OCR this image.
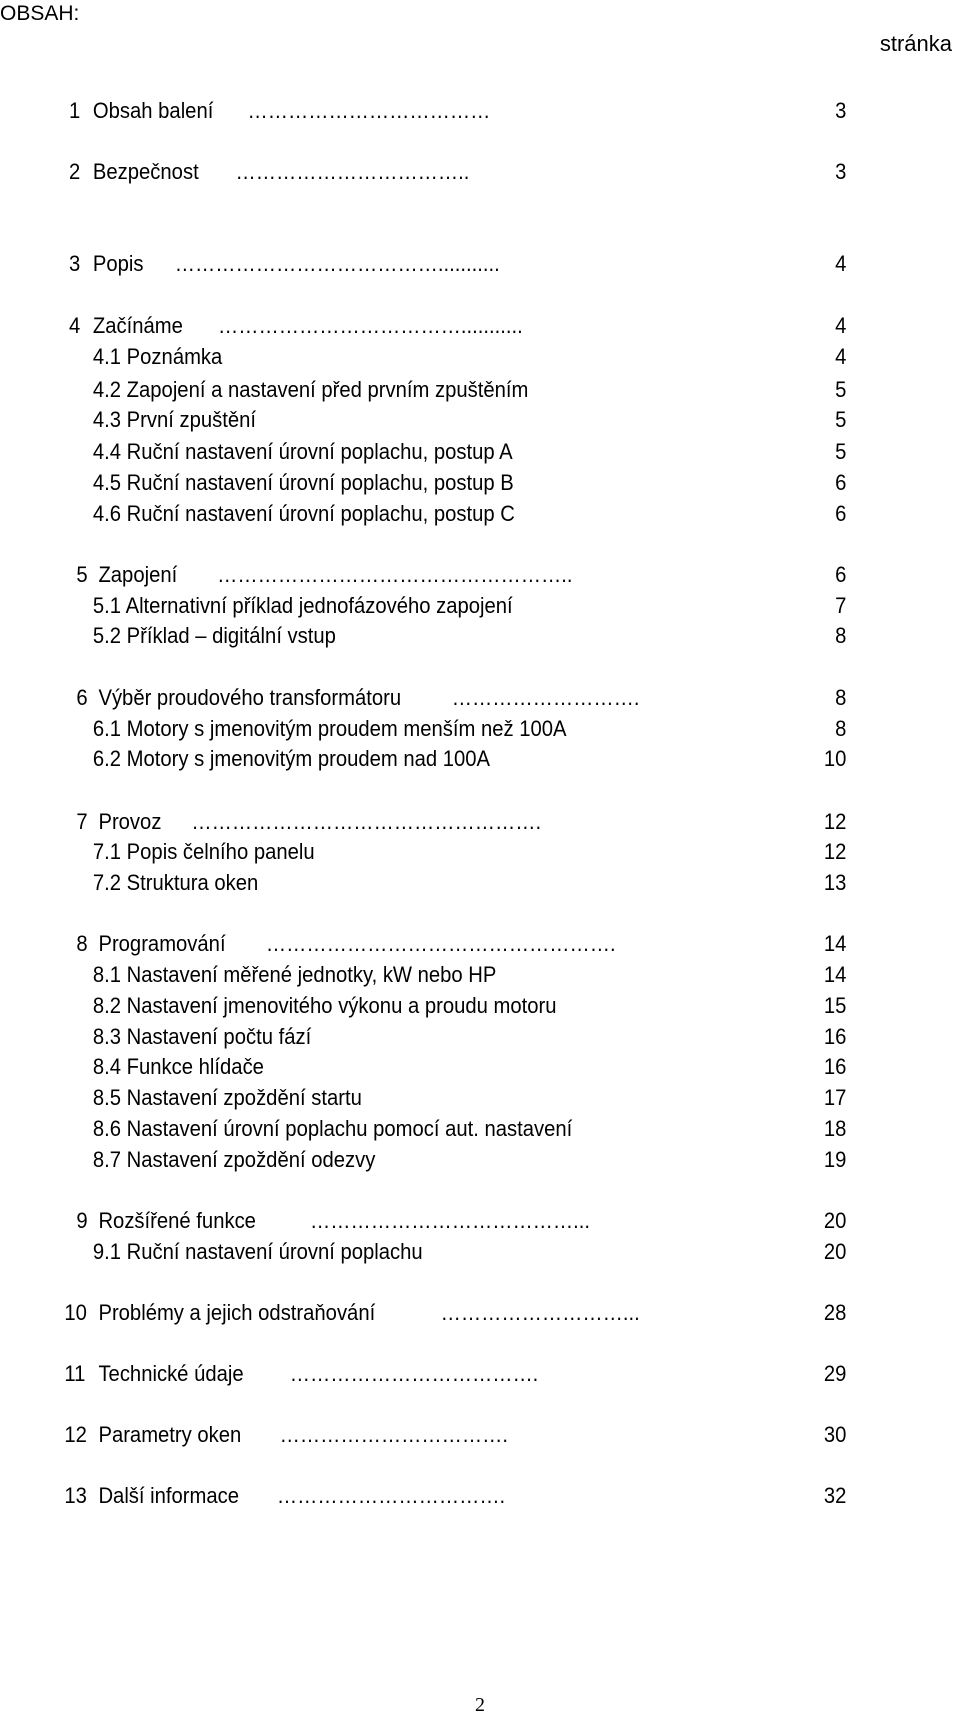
OBSAH:
stránka
1 Obsah balení ………………………………	3
2 Bezpečnost ……………………………..	3
3 Popis …………………………………...........	4
4 Začínáme ………………………………...........	4
4.1 Poznámka	4
4.2 Zapojení a nastavení před prvním zpuštěním	5
4.3 První zpuštění	5
4.4 Ruční nastavení úrovní poplachu, postup A	5
4.5 Ruční nastavení úrovní poplachu, postup B	6
4.6 Ruční nastavení úrovní poplachu, postup C	6
5 Zapojení ……………………………………………..	6
5.1 Alternativní příklad jednofázového zapojení	7
5.2 Příklad – digitální vstup	8
6 Výběr proudového transformátoru ……………………….	8
6.1 Motory s jmenovitým proudem menším než 100A	8
6.2 Motory s jmenovitým proudem nad 100A	10
7 Provoz …………………………………………….	12
7.1 Popis čelního panelu	12
7.2 Struktura oken	13
8 Programování …………………………………………….	14
8.1 Nastavení měřené jednotky, kW nebo HP	14
8.2 Nastavení jmenovitého výkonu a proudu motoru	15
8.3 Nastavení počtu fází	16
8.4 Funkce hlídače	16
8.5 Nastavení zpoždění startu	17
8.6 Nastavení úrovní poplachu pomocí aut. nastavení	18
8.7 Nastavení zpoždění odezvy	19
9 Rozšířené funkce …………………………………...	20
9.1 Ruční nastavení úrovní poplachu	20
10 Problémy a jejich odstraňování	………………………...	28
11 Technické údaje ……………………………….	29
12 Parametry oken …………………………….	30
13 Další informace …………………………….	32
2
